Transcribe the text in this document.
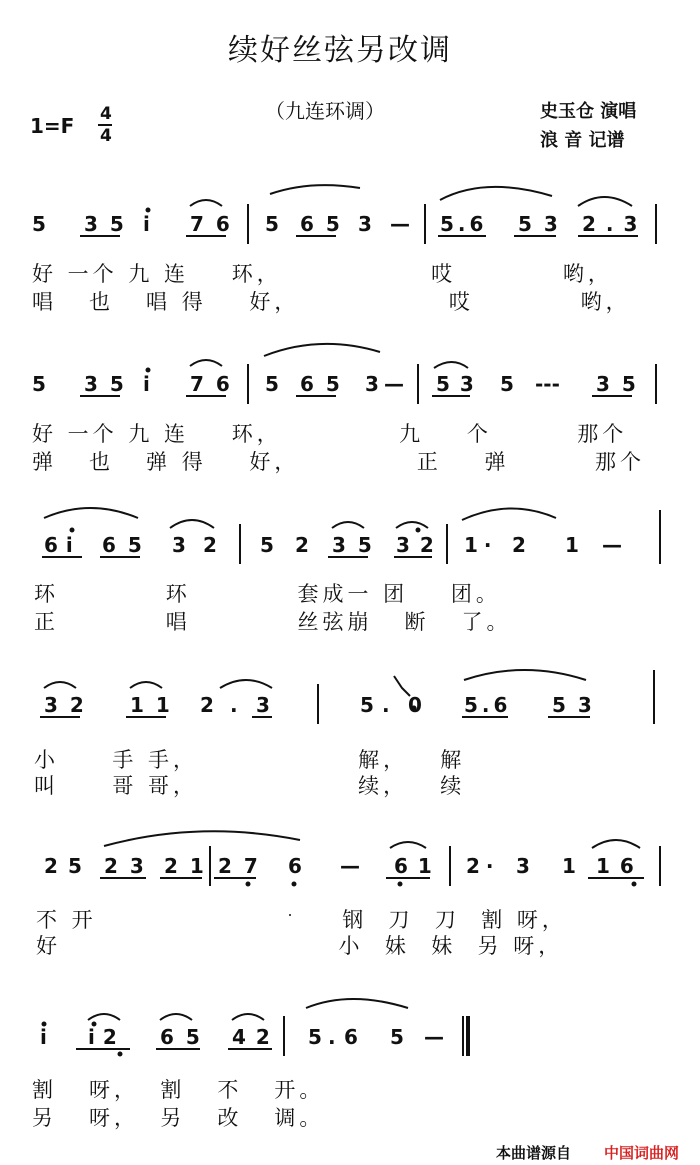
续好丝弦另改调
（九连环调）
1=F 4
4
史玉仓 演唱
浪 音 记谱
5 35 i 76 5 65 3 — 5.6 53 2.3
好 一个 九 连    环，              哎          哟，
唱   也   唱 得    好，              哎          哟，
5 35 i 76 5 65 3 — 53 5 --- 35
好 一个 九 连    环，           九    个        那个
弹   也   弹 得    好，           正    弹        那个
6i 65 3 2 5 2 35 32 1· 2 1 —
环          环          套成一 团    团。
正          唱          丝弦崩   断   了。
32 11 2 . 3	5 . 0 5.6 53
小     手 手，               解，   解
叫     哥 哥，               续，   续
2 5 23 21 27 6 — 61 2· 3 1 16
不 开                       钢  刀  刀  割 呀，
好                          小  妹  妹  另 呀，
i i2 65 42 5 . 6 5 —
割   呀，  割   不   开。
另   呀，  另   改   调。
本曲谱源自 中国词曲网
